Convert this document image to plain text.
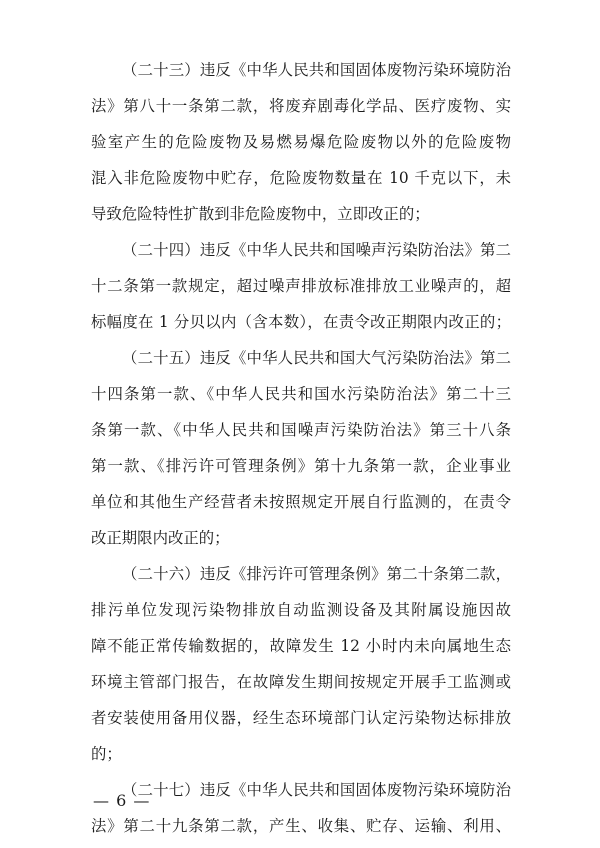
（二十三）违反《中华人民共和国固体废物污染环境防治
法》第八十一条第二款，将废弃剧毒化学品、医疗废物、实
验室产生的危险废物及易燃易爆危险废物以外的危险废物
混入非危险废物中贮存，危险废物数量在 10 千克以下，未
导致危险特性扩散到非危险废物中，立即改正的；
（二十四）违反《中华人民共和国噪声污染防治法》第二
十二条第一款规定，超过噪声排放标准排放工业噪声的，超
标幅度在 1 分贝以内（含本数），在责令改正期限内改正的；
（二十五）违反《中华人民共和国大气污染防治法》第二
十四条第一款、《中华人民共和国水污染防治法》第二十三
条第一款、《中华人民共和国噪声污染防治法》第三十八条
第一款、《排污许可管理条例》第十九条第一款，企业事业
单位和其他生产经营者未按照规定开展自行监测的，在责令
改正期限内改正的；
（二十六）违反《排污许可管理条例》第二十条第二款，
排污单位发现污染物排放自动监测设备及其附属设施因故
障不能正常传输数据的，故障发生 12 小时内未向属地生态
环境主管部门报告，在故障发生期间按规定开展手工监测或
者安装使用备用仪器，经生态环境部门认定污染物达标排放
的；
（二十七）违反《中华人民共和国固体废物污染环境防治
法》第二十九条第二款，产生、收集、贮存、运输、利用、
— 6 —
